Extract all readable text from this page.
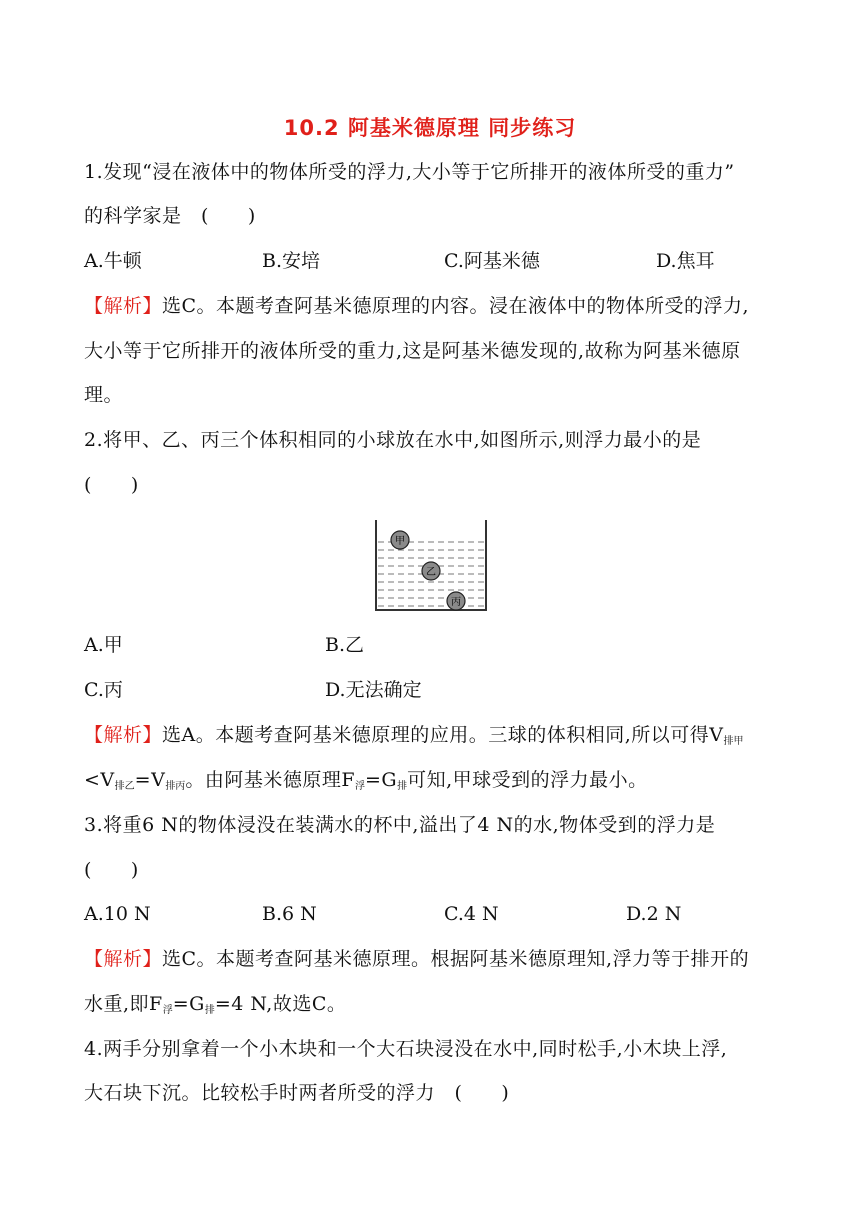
10.2 阿基米德原理 同步练习
1.发现“浸在液体中的物体所受的浮力,大小等于它所排开的液体所受的重力”
的科学家是　(　　)
A.牛顿	B.安培	C.阿基米德	D.焦耳
【解析】选C。本题考查阿基米德原理的内容。浸在液体中的物体所受的浮力,
大小等于它所排开的液体所受的重力,这是阿基米德发现的,故称为阿基米德原
理。
2.将甲、乙、丙三个体积相同的小球放在水中,如图所示,则浮力最小的是
(　　)
甲
乙
丙
A.甲	B.乙
C.丙	D.无法确定
【解析】选A。本题考查阿基米德原理的应用。三球的体积相同,所以可得$V_{排甲}$
$<V_{排乙}=V_{排丙}$。由阿基米德原理$F_浮=G_排$可知,甲球受到的浮力最小。
3.将重6 N的物体浸没在装满水的杯中,溢出了4 N的水,物体受到的浮力是
(　　)
A.10 N	B.6 N	C.4 N	D.2 N
【解析】选C。本题考查阿基米德原理。根据阿基米德原理知,浮力等于排开的
水重,即$F_浮=G_排=4$ N,故选C。
4.两手分别拿着一个小木块和一个大石块浸没在水中,同时松手,小木块上浮,
大石块下沉。比较松手时两者所受的浮力　(　　)
